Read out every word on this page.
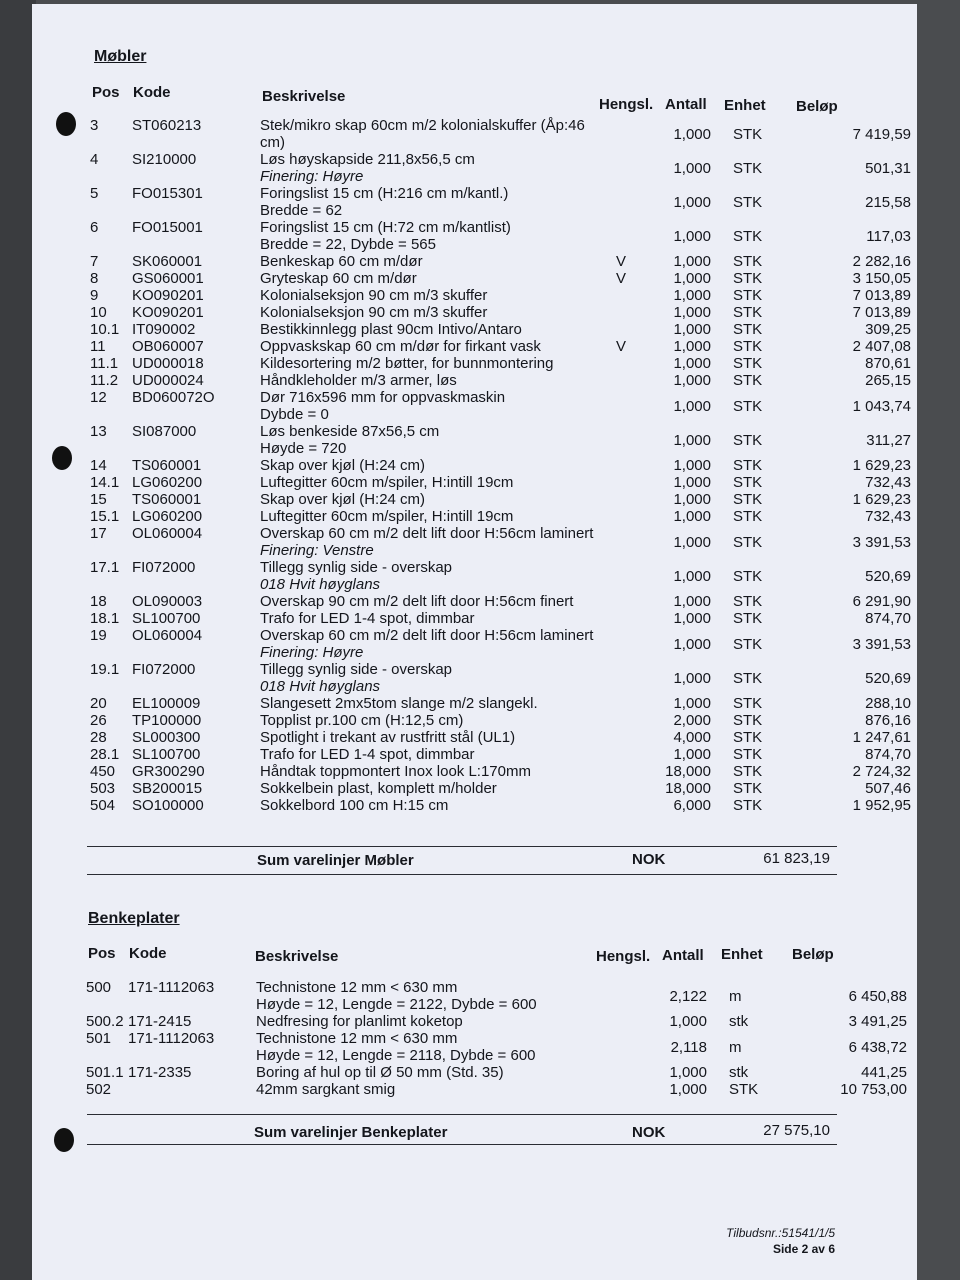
Møbler
Pos Kode	Beskrivelse	Hengsl. Antall Enhet Beløp
3	ST060213	Stek/mikro skap 60cm m/2 kolonialskuffer (Åp:46
cm)		1,000	STK	7 419,59
4	SI210000	Løs høyskapside 211,8x56,5 cm
Finering: Høyre		1,000	STK	501,31
5	FO015301	Foringslist 15 cm (H:216 cm m/kantl.)
Bredde = 62		1,000	STK	215,58
6	FO015001	Foringslist 15 cm (H:72 cm m/kantlist)
Bredde = 22, Dybde = 565		1,000	STK	117,03
7	SK060001	Benkeskap 60 cm m/dør	V	1,000	STK	2 282,16
8	GS060001	Gryteskap 60 cm m/dør	V	1,000	STK	3 150,05
9	KO090201	Kolonialseksjon 90 cm m/3 skuffer		1,000	STK	7 013,89
10	KO090201	Kolonialseksjon 90 cm m/3 skuffer		1,000	STK	7 013,89
10.1	IT090002	Bestikkinnlegg plast 90cm Intivo/Antaro		1,000	STK	309,25
11	OB060007	Oppvaskskap 60 cm m/dør for firkant vask	V	1,000	STK	2 407,08
11.1	UD000018	Kildesortering m/2 bøtter, for bunnmontering		1,000	STK	870,61
11.2	UD000024	Håndkleholder m/3 armer, løs		1,000	STK	265,15
12	BD060072O	Dør 716x596 mm for oppvaskmaskin
Dybde = 0		1,000	STK	1 043,74
13	SI087000	Løs benkeside 87x56,5 cm
Høyde = 720		1,000	STK	311,27
14	TS060001	Skap over kjøl (H:24 cm)		1,000	STK	1 629,23
14.1	LG060200	Luftegitter 60cm m/spiler, H:intill 19cm		1,000	STK	732,43
15	TS060001	Skap over kjøl (H:24 cm)		1,000	STK	1 629,23
15.1	LG060200	Luftegitter 60cm m/spiler, H:intill 19cm		1,000	STK	732,43
17	OL060004	Overskap 60 cm m/2 delt lift door H:56cm laminert
Finering: Venstre		1,000	STK	3 391,53
17.1	FI072000	Tillegg synlig side - overskap
018 Hvit høyglans		1,000	STK	520,69
18	OL090003	Overskap 90 cm m/2 delt lift door H:56cm finert		1,000	STK	6 291,90
18.1	SL100700	Trafo for LED 1-4 spot, dimmbar		1,000	STK	874,70
19	OL060004	Overskap 60 cm m/2 delt lift door H:56cm laminert
Finering: Høyre		1,000	STK	3 391,53
19.1	FI072000	Tillegg synlig side - overskap
018 Hvit høyglans		1,000	STK	520,69
20	EL100009	Slangesett 2mx5tom slange m/2 slangekl.		1,000	STK	288,10
26	TP100000	Topplist pr.100 cm (H:12,5 cm)		2,000	STK	876,16
28	SL000300	Spotlight i trekant av rustfritt stål (UL1)		4,000	STK	1 247,61
28.1	SL100700	Trafo for LED 1-4 spot, dimmbar		1,000	STK	874,70
450	GR300290	Håndtak toppmontert Inox look L:170mm		18,000	STK	2 724,32
503	SB200015	Sokkelbein plast, komplett m/holder		18,000	STK	507,46
504	SO100000	Sokkelbord 100 cm H:15 cm		6,000	STK	1 952,95
Sum varelinjer Møbler	NOK	61 823,19
Benkeplater
Pos Kode	Beskrivelse	Hengsl. Antall Enhet Beløp
500	171-1112063	Technistone 12 mm < 630 mm
Høyde = 12, Lengde = 2122, Dybde = 600		2,122	m	6 450,88
500.2	171-2415	Nedfresing for planlimt koketop		1,000	stk	3 491,25
501	171-1112063	Technistone 12 mm < 630 mm
Høyde = 12, Lengde = 2118, Dybde = 600		2,118	m	6 438,72
501.1	171-2335	Boring af hul op til Ø 50 mm (Std. 35)		1,000	stk	441,25
502		42mm sargkant smig		1,000	STK	10 753,00
Sum varelinjer Benkeplater	NOK	27 575,10
Tilbudsnr.:51541/1/5
Side 2 av 6
